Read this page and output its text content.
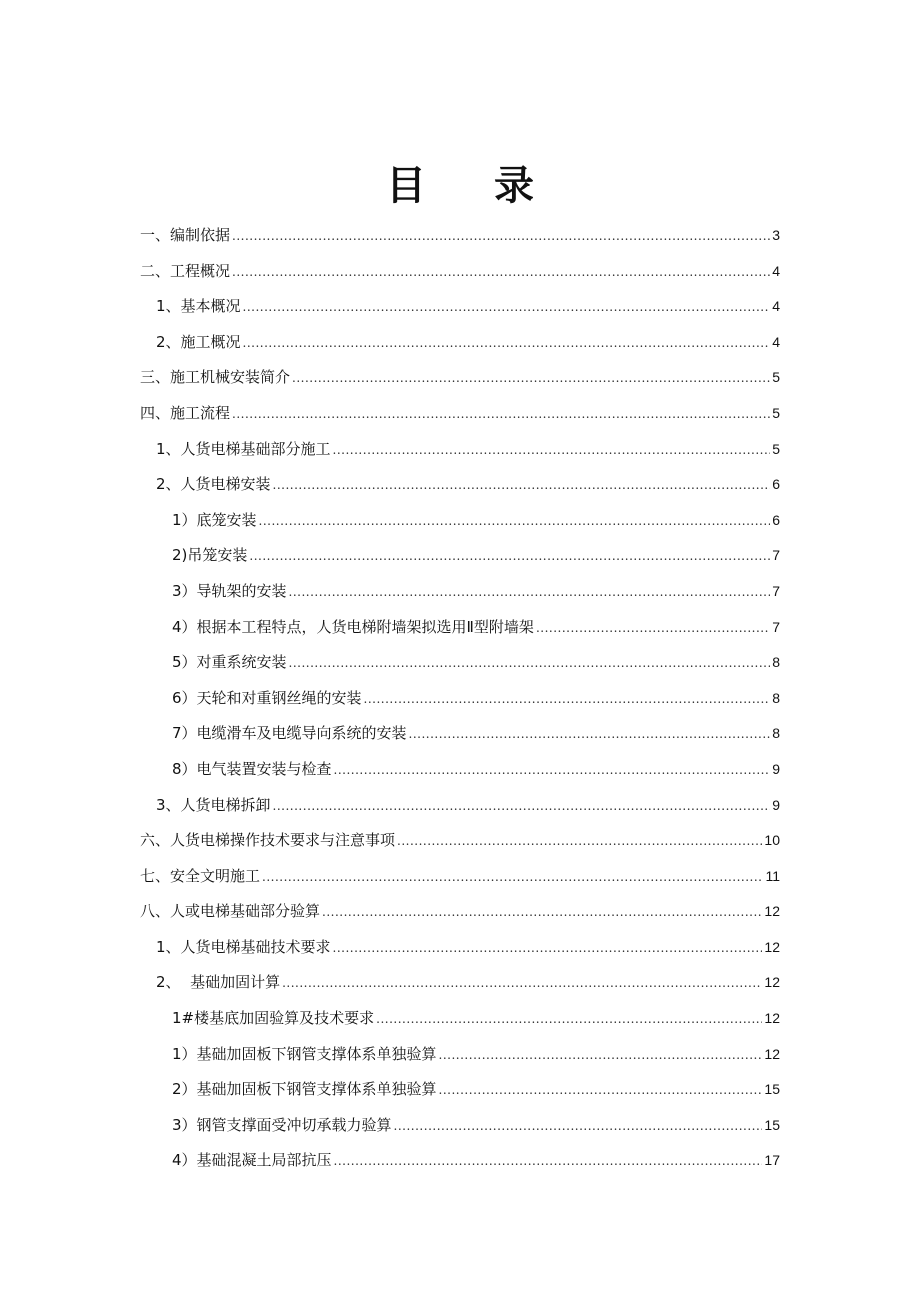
目录
一、编制依据 .....	3
二、工程概况 .....	4
1、基本概况 .....	4
2、施工概况 .....	4
三、施工机械安装简介 .....	5
四、施工流程 .....	5
1、人货电梯基础部分施工 .....	5
2、人货电梯安装 .....	6
1）底笼安装 .....	6
2)吊笼安装 .....	7
3）导轨架的安装 .....	7
4）根据本工程特点，人货电梯附墙架拟选用Ⅱ型附墙架 .....	7
5）对重系统安装 .....	8
6）天轮和对重钢丝绳的安装 .....	8
7）电缆滑车及电缆导向系统的安装 .....	8
8）电气装置安装与检查 .....	9
3、人货电梯拆卸 .....	9
六、人货电梯操作技术要求与注意事项 .....	10
七、安全文明施工 .....	11
八、人或电梯基础部分验算 .....	12
1、人货电梯基础技术要求 .....	12
2、  基础加固计算 .....	12
1#楼基底加固验算及技术要求 .....	12
1）基础加固板下钢管支撑体系单独验算 .....	12
2）基础加固板下钢管支撑体系单独验算 .....	15
3）钢管支撑面受冲切承载力验算 .....	15
4）基础混凝土局部抗压 .....	17
